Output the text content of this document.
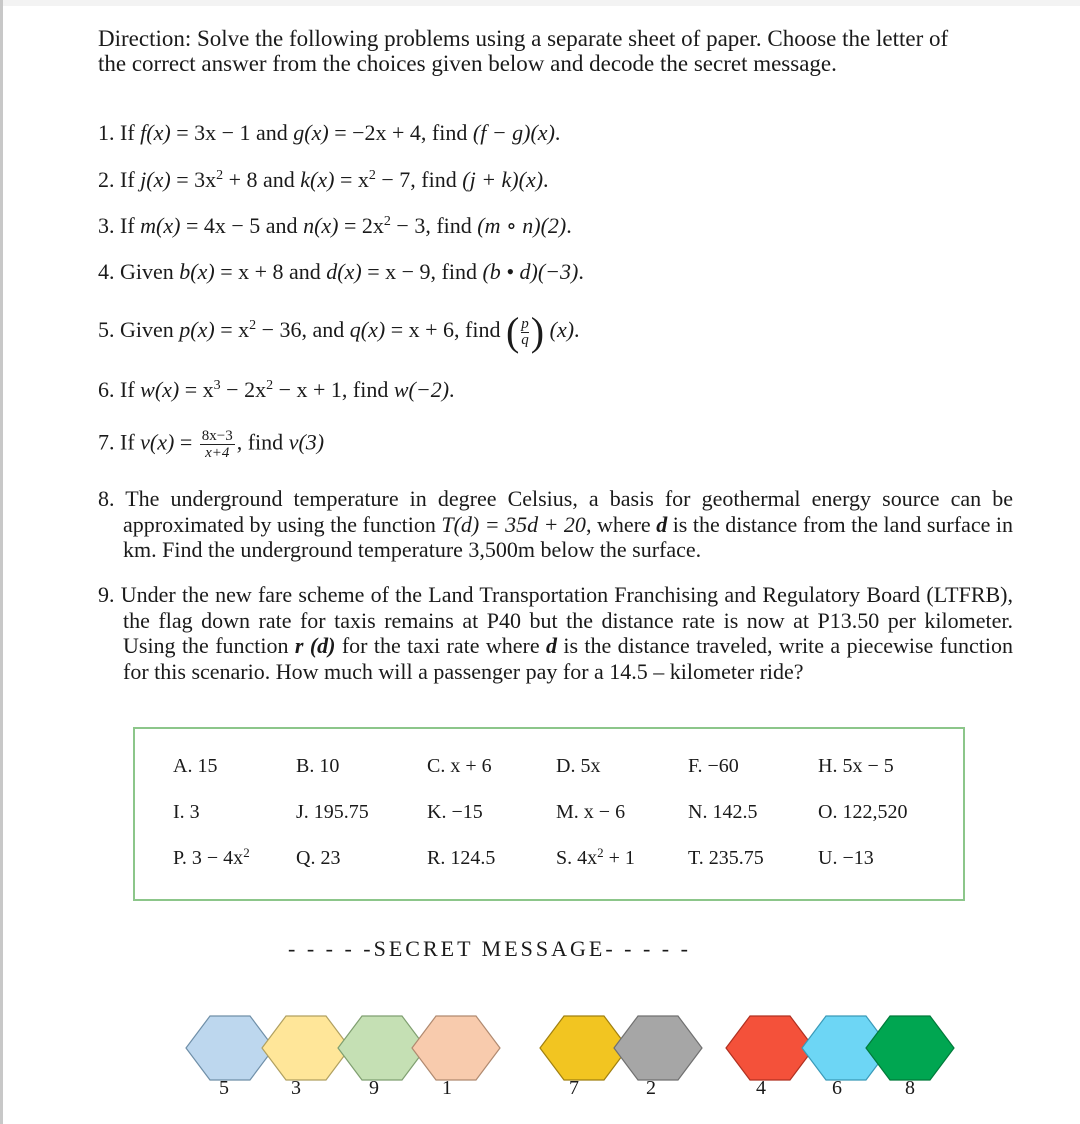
Direction: Solve the following problems using a separate sheet of paper. Choose the letter of the correct answer from the choices given below and decode the secret message.
1. If f(x) = 3x − 1 and g(x) = −2x + 4, find (f − g)(x).
2. If $j(x) = 3x^2 + 8$ and $k(x) = x^2 - 7$, find (j + k)(x).
3. If m(x) = 4x − 5 and $n(x) = 2x^2 - 3$, find (m ∘ n)(2).
4. Given b(x) = x + 8 and d(x) = x − 9, find (b • d)(−3).
5. Given $p(x) = x^2 - 36$, and q(x) = x + 6, find ( $\frac{p}{q}$ ) (x).
6. If $w(x) = x^3 - 2x^2 - x + 1$, find w(−2).
7. If $v(x) = \frac{8x-3}{x+4}$ , find v(3)
8. The underground temperature in degree Celsius, a basis for geothermal energy source can be approximated by using the function T(d) = 35d + 20, where d is the distance from the land surface in km. Find the underground temperature 3,500m below the surface.
9. Under the new fare scheme of the Land Transportation Franchising and Regulatory Board (LTFRB), the flag down rate for taxis remains at P40 but the distance rate is now at P13.50 per kilometer. Using the function r (d) for the taxi rate where d is the distance traveled, write a piecewise function for this scenario. How much will a passenger pay for a 14.5 – kilometer ride?
A. 15	B. 10	C. x + 6	D. 5x	F. −60	H. 5x − 5
I. 3	J. 195.75	K. −15	M. x − 6	N. 142.5	O. 122,520
P. $3 - 4x^2$ Q. 23	R. 124.5	S. $4x^2 + 1$	T. 235.75	U. −13
- - - - -SECRET MESSAGE- - - - -
5	3	9	1	7	2	4	6	8
